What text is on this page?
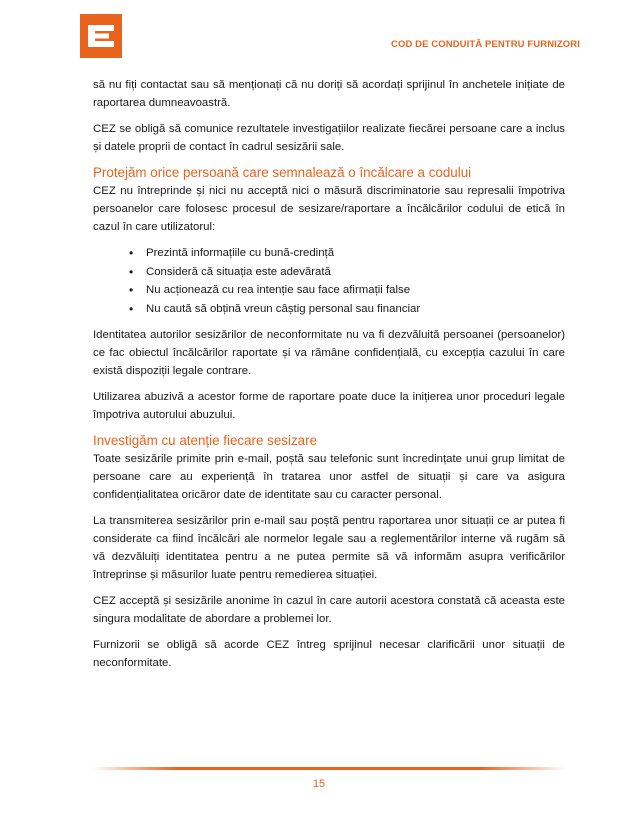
COD DE CONDUITĂ PENTRU FURNIZORI

să nu fiți contactat sau să menționați că nu doriți să acordați sprijinul în anchetele inițiate de raportarea dumneavoastră.

CEZ se obligă să comunice rezultatele investigațiilor realizate fiecărei persoane care a inclus și datele proprii de contact în cadrul sesizării sale.

Protejăm orice persoană care semnalează o încălcare a codului

CEZ nu întreprinde și nici nu acceptă nici o măsură discriminatorie sau represalii împotriva persoanelor care folosesc procesul de sesizare/raportare a încălcărilor codului de etică în cazul în care utilizatorul:

• Prezintă informațiile cu bună-credință
• Consideră că situația este adevărată
• Nu acționează cu rea intenție sau face afirmații false
• Nu caută să obțină vreun câștig personal sau financiar

Identitatea autorilor sesizărilor de neconformitate nu va fi dezvăluită persoanei (persoanelor) ce fac obiectul încălcărilor raportate și va rămâne confidențială, cu excepția cazului în care există dispoziții legale contrare.

Utilizarea abuzivă a acestor forme de raportare poate duce la inițierea unor proceduri legale împotriva autorului abuzului.

Investigăm cu atenție fiecare sesizare

Toate sesizările primite prin e-mail, poștă sau telefonic sunt încredințate unui grup limitat de persoane care au experiență în tratarea unor astfel de situații și care va asigura confidențialitatea oricăror date de identitate sau cu caracter personal.

La transmiterea sesizărilor prin e-mail sau poștă pentru raportarea unor situații ce ar putea fi considerate ca fiind încălcări ale normelor legale sau a reglementărilor interne vă rugăm să vă dezvăluiți identitatea pentru a ne putea permite să vă informăm asupra verificărilor întreprinse și măsurilor luate pentru remedierea situației.

CEZ acceptă și sesizările anonime în cazul în care autorii acestora constată că aceasta este singura modalitate de abordare a problemei lor.

Furnizorii se obligă să acorde CEZ întreg sprijinul necesar clarificării unor situații de neconformitate.

15
